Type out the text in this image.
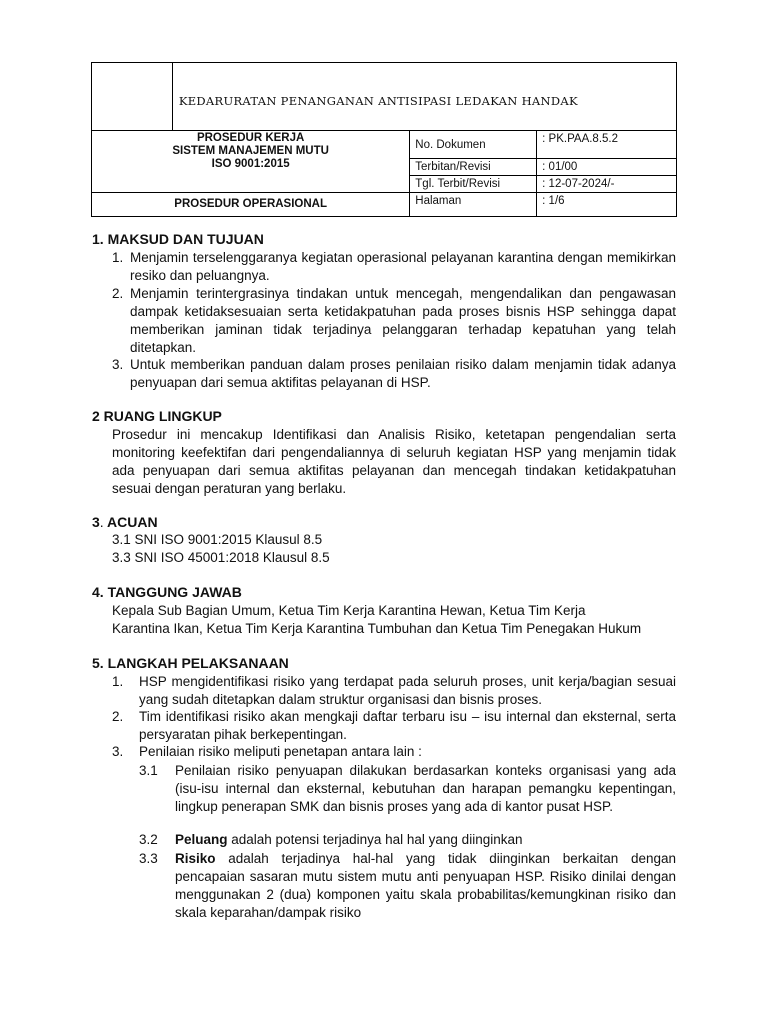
	KEDARURATAN PENANGANAN ANTISIPASI LEDAKAN HANDAK		

PROSEDUR KERJA
SISTEM MANAJEMEN MUTU
ISO 9001:2015		No. Dokumen	: PK.PAA.8.5.2
		Terbitan/Revisi	: 01/00
		Tgl. Terbit/Revisi	: 12-07-2024/-
PROSEDUR OPERASIONAL		Halaman	: 1/6
1. MAKSUD DAN TUJUAN
1. Menjamin terselenggaranya kegiatan operasional pelayanan karantina dengan memikirkan resiko dan peluangnya.
2. Menjamin terintergrasinya tindakan untuk mencegah, mengendalikan dan pengawasan dampak ketidaksesuaian serta ketidakpatuhan pada proses bisnis HSP sehingga dapat memberikan jaminan tidak terjadinya pelanggaran terhadap kepatuhan yang telah ditetapkan.
3. Untuk memberikan panduan dalam proses penilaian risiko dalam menjamin tidak adanya penyuapan dari semua aktifitas pelayanan di HSP.
2 RUANG LINGKUP
Prosedur ini mencakup Identifikasi dan Analisis Risiko, ketetapan pengendalian serta monitoring keefektifan dari pengendaliannya di seluruh kegiatan HSP yang menjamin tidak ada penyuapan dari semua aktifitas pelayanan dan mencegah tindakan ketidakpatuhan sesuai dengan peraturan yang berlaku.
3. ACUAN
3.1 SNI ISO 9001:2015 Klausul 8.5
3.3 SNI ISO 45001:2018 Klausul 8.5
4. TANGGUNG JAWAB
Kepala Sub Bagian Umum, Ketua Tim Kerja Karantina Hewan, Ketua Tim Kerja
Karantina Ikan, Ketua Tim Kerja Karantina Tumbuhan dan Ketua Tim Penegakan Hukum
5. LANGKAH PELAKSANAAN
1. HSP mengidentifikasi risiko yang terdapat pada seluruh proses, unit kerja/bagian sesuai yang sudah ditetapkan dalam struktur organisasi dan bisnis proses.
2. Tim identifikasi risiko akan mengkaji daftar terbaru isu – isu internal dan eksternal, serta persyaratan pihak berkepentingan.
3. Penilaian risiko meliputi penetapan antara lain :
3.1 Penilaian risiko penyuapan dilakukan berdasarkan konteks organisasi yang ada (isu-isu internal dan eksternal, kebutuhan dan harapan pemangku kepentingan, lingkup penerapan SMK dan bisnis proses yang ada di kantor pusat HSP.
3.2 Peluang adalah potensi terjadinya hal hal yang diinginkan
3.3 Risiko adalah terjadinya hal-hal yang tidak diinginkan berkaitan dengan pencapaian sasaran mutu sistem mutu anti penyuapan HSP. Risiko dinilai dengan menggunakan 2 (dua) komponen yaitu skala probabilitas/kemungkinan risiko dan skala keparahan/dampak risiko
